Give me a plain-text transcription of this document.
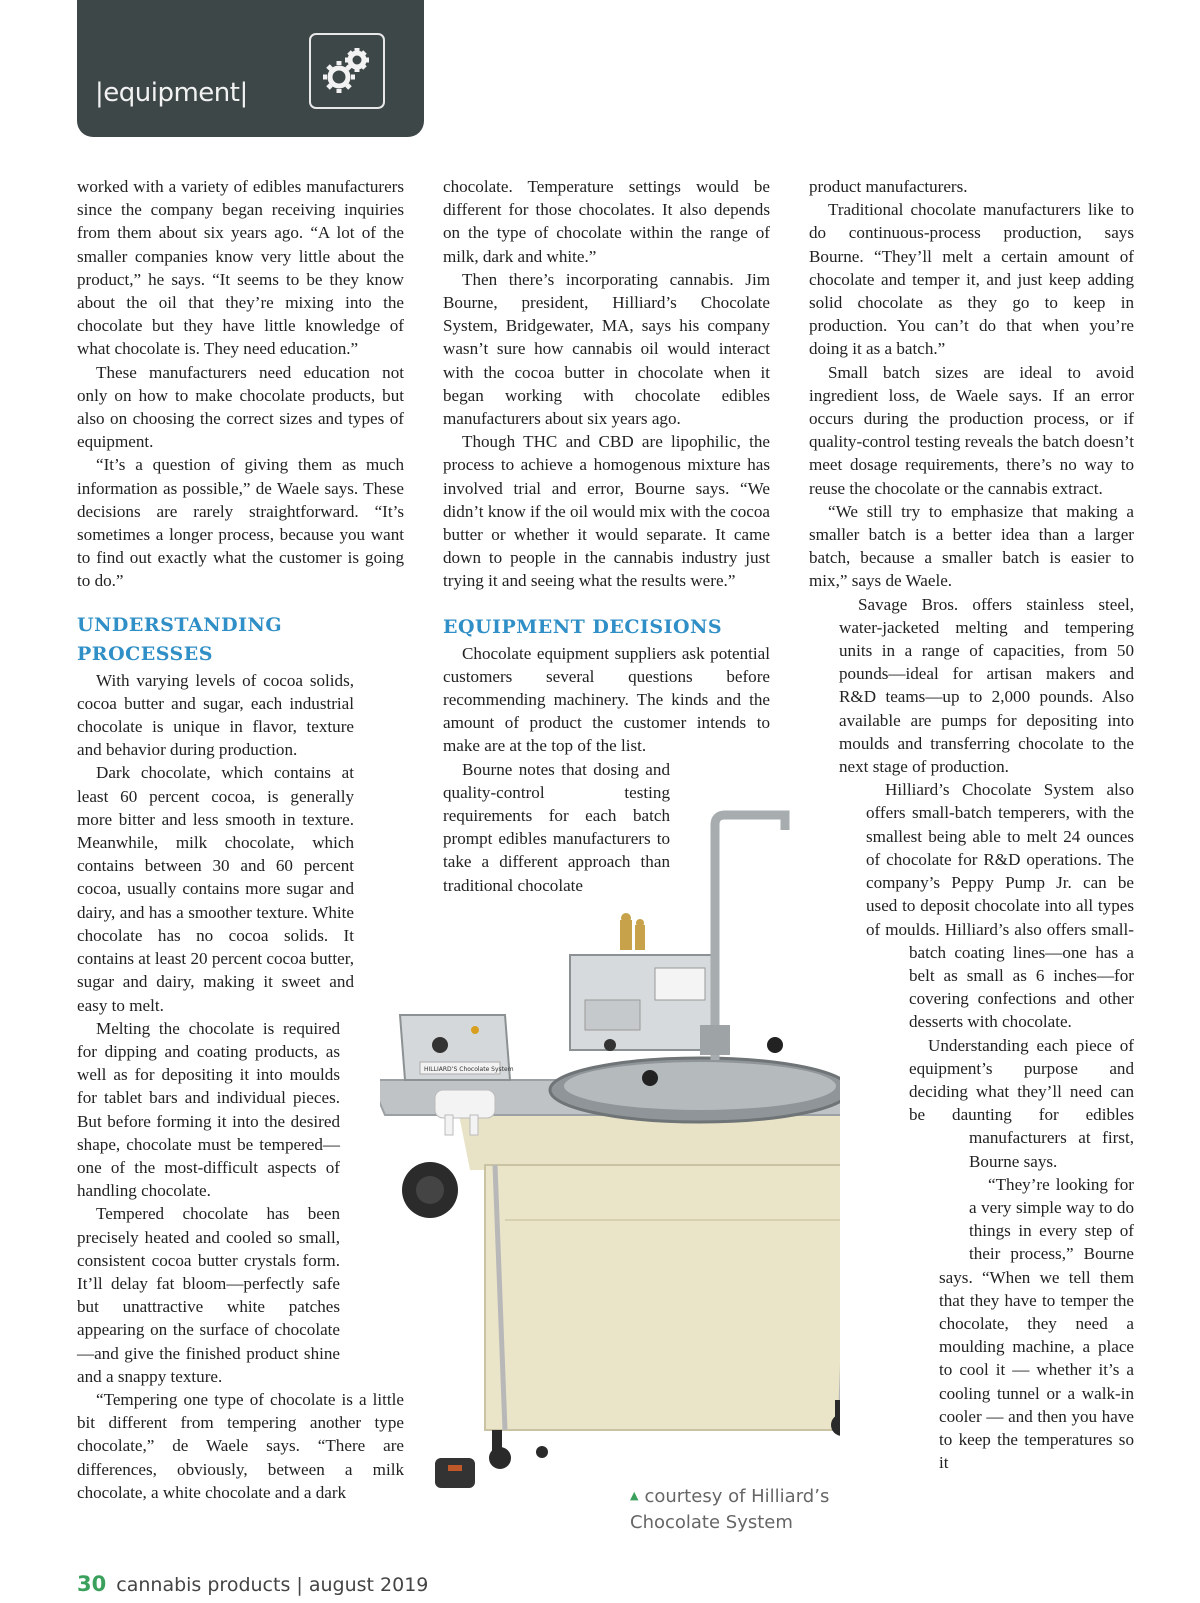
|equipment|

worked with a variety of edibles manufacturers since the company began receiving inquiries from them about six years ago. “A lot of the smaller companies know very little about the product,” he says. “It seems to be they know about the oil that they’re mixing into the chocolate but they have little knowledge of what chocolate is. They need education.”

These manufacturers need education not only on how to make chocolate products, but also on choosing the correct sizes and types of equipment.

“It’s a question of giving them as much information as possible,” de Waele says. These decisions are rarely straightforward. “It’s sometimes a longer process, because you want to find out exactly what the customer is going to do.”

UNDERSTANDING PROCESSES

With varying levels of cocoa solids, cocoa butter and sugar, each industrial chocolate is unique in flavor, texture and behavior during production.

Dark chocolate, which contains at least 60 percent cocoa, is generally more bitter and less smooth in texture. Meanwhile, milk chocolate, which contains between 30 and 60 percent cocoa, usually contains more sugar and dairy, and has a smoother texture. White chocolate has no cocoa solids. It contains at least 20 percent cocoa butter, sugar and dairy, making it sweet and easy to melt.

Melting the chocolate is required for dipping and coating products, as well as for depositing it into moulds for tablet bars and individual pieces. But before forming it into the desired shape, chocolate must be tempered—one of the most-difficult aspects of handling chocolate.

Tempered chocolate has been precisely heated and cooled so small, consistent cocoa butter crystals form. It’ll delay fat bloom—perfectly safe but unattractive white patches appearing on the surface of chocolate—and give the finished product shine and a snappy texture.

“Tempering one type of chocolate is a little bit different from tempering another type chocolate,” de Waele says. “There are differences, obviously, between a milk chocolate, a white chocolate and a dark

chocolate. Temperature settings would be different for those chocolates. It also depends on the type of chocolate within the range of milk, dark and white.”

Then there’s incorporating cannabis. Jim Bourne, president, Hilliard’s Chocolate System, Bridgewater, MA, says his company wasn’t sure how cannabis oil would interact with the cocoa butter in chocolate when it began working with chocolate edibles manufacturers about six years ago.

Though THC and CBD are lipophilic, the process to achieve a homogenous mixture has involved trial and error, Bourne says. “We didn’t know if the oil would mix with the cocoa butter or whether it would separate. It came down to people in the cannabis industry just trying it and seeing what the results were.”

EQUIPMENT DECISIONS

Chocolate equipment suppliers ask potential customers several questions before recommending machinery. The kinds and the amount of product the customer intends to make are at the top of the list.

Bourne notes that dosing and quality-control testing requirements for each batch prompt edibles manufacturers to take a different approach than traditional chocolate

product manufacturers.

Traditional chocolate manufacturers like to do continuous-process production, says Bourne. “They’ll melt a certain amount of chocolate and temper it, and just keep adding solid chocolate as they go to keep in production. You can’t do that when you’re doing it as a batch.”

Small batch sizes are ideal to avoid ingredient loss, de Waele says. If an error occurs during the production process, or if quality-control testing reveals the batch doesn’t meet dosage requirements, there’s no way to reuse the chocolate or the cannabis extract.

“We still try to emphasize that making a smaller batch is a better idea than a larger batch, because a smaller batch is easier to mix,” says de Waele.

Savage Bros. offers stainless steel, water-jacketed melting and tempering units in a range of capacities, from 50 pounds—ideal for artisan makers and R&D teams—up to 2,000 pounds. Also available are pumps for depositing into moulds and transferring chocolate to the next stage of production.

Hilliard’s Chocolate System also offers small-batch temperers, with the smallest being able to melt 24 ounces of chocolate for R&D operations. The company’s Peppy Pump Jr. can be used to deposit chocolate into all types of moulds. Hilliard’s also offers small-batch coating lines—one has a belt as small as 6 inches—for covering confections and other desserts with chocolate.

Understanding each piece of equipment’s purpose and deciding what they’ll need can be daunting for edibles manufacturers at first, Bourne says.

“They’re looking for a very simple way to do things in every step of their process,” Bourne says. “When we tell them that they have to temper the chocolate, they need a moulding machine, a place to cool it — whether it’s a cooling tunnel or a walk-in cooler — and then you have to keep the temperatures so it

HILLIARD’S Chocolate System
▲ courtesy of Hilliard’s
Chocolate System
30 cannabis products | august 2019
